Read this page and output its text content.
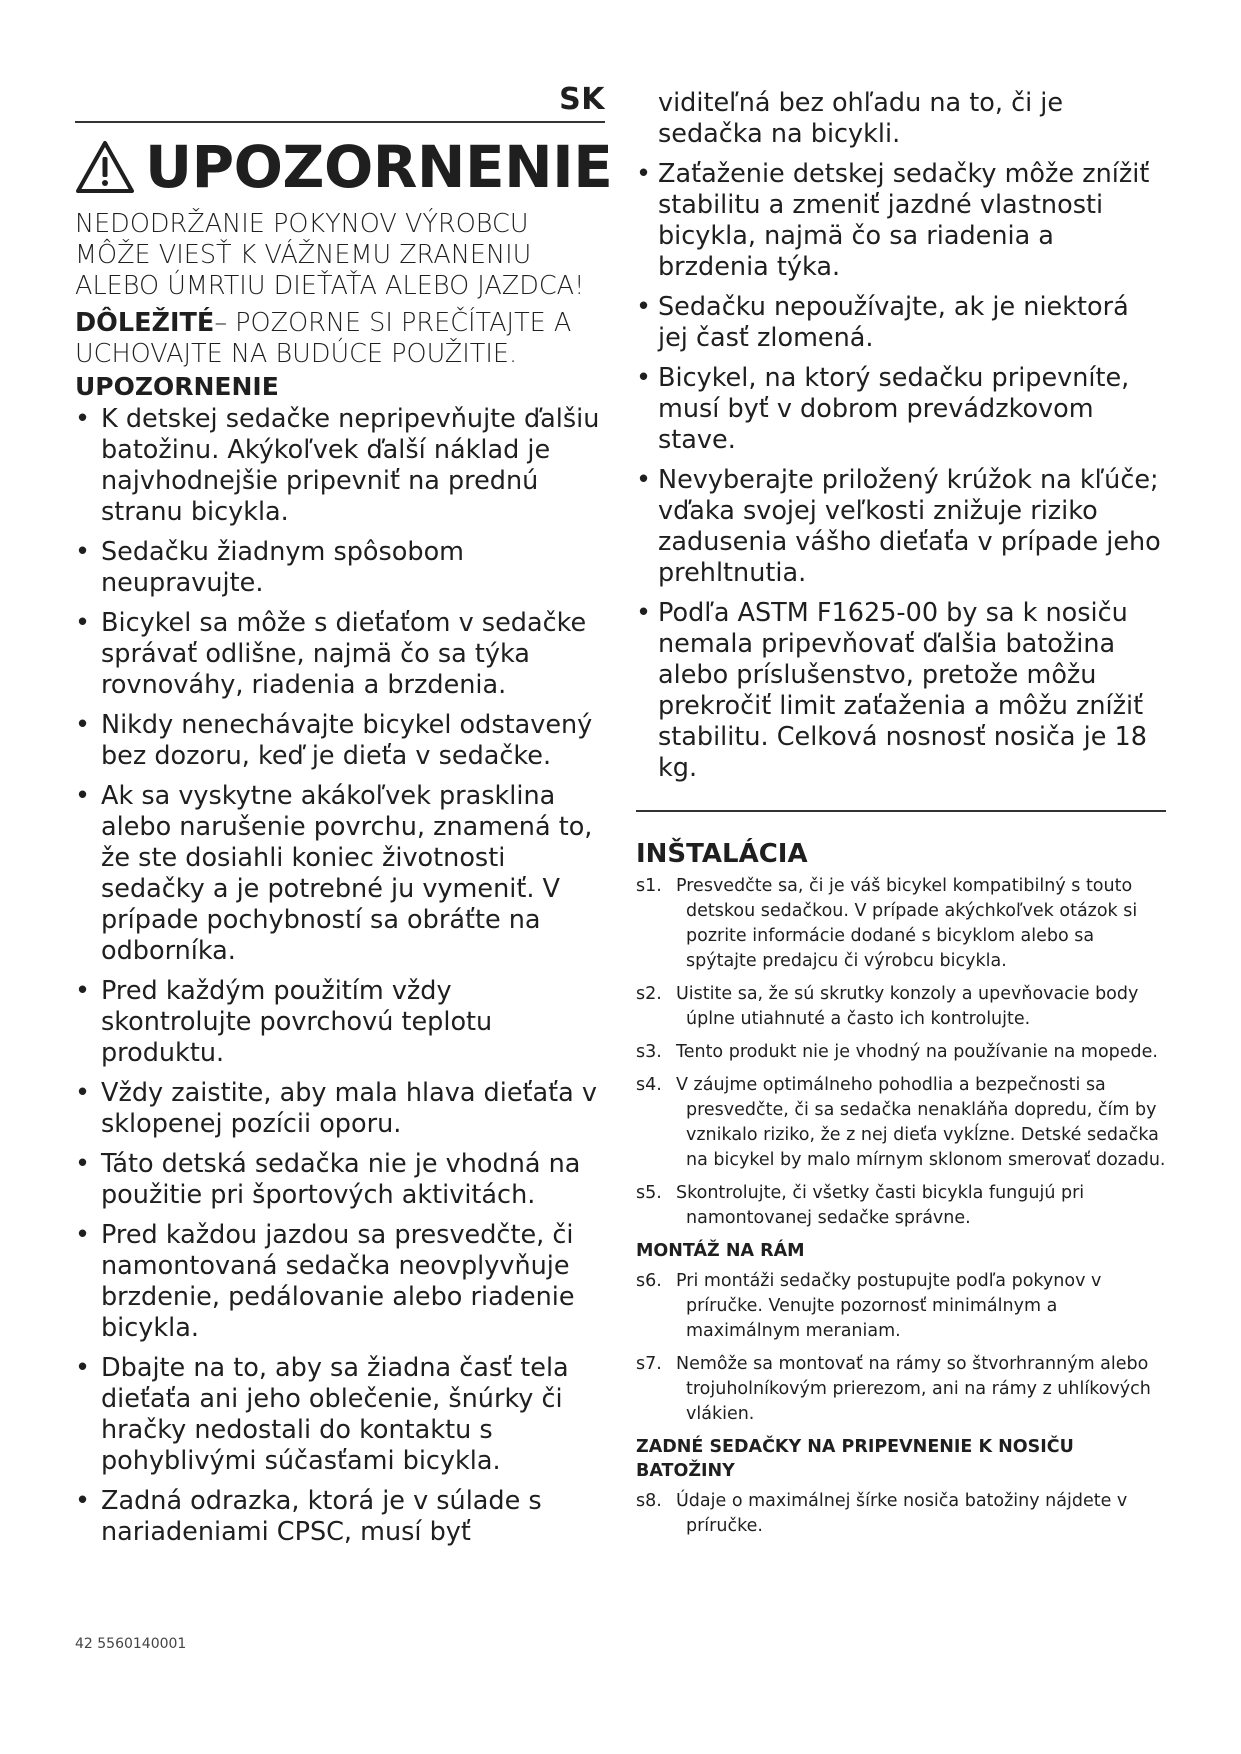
SK
UPOZORNENIE
NEDODRŽANIE POKYNOV VÝROBCU MÔŽE VIESŤ K VÁŽNEMU ZRANENIU ALEBO ÚMRTIU DIEŤAŤA ALEBO JAZDCA!
DÔLEŽITÉ– POZORNE SI PREČÍTAJTE A UCHOVAJTE NA BUDÚCE POUŽITIE.
UPOZORNENIE
• K detskej sedačke nepripevňujte ďalšiu batožinu. Akýkoľvek ďalší náklad je najvhodnejšie pripevniť na prednú stranu bicykla.
• Sedačku žiadnym spôsobom neupravujte.
• Bicykel sa môže s dieťaťom v sedačke správať odlišne, najmä čo sa týka rovnováhy, riadenia a brzdenia.
• Nikdy nenechávajte bicykel odstavený bez dozoru, keď je dieťa v sedačke.
• Ak sa vyskytne akákoľvek prasklina alebo narušenie povrchu, znamená to, že ste dosiahli koniec životnosti sedačky a je potrebné ju vymeniť. V prípade pochybností sa obráťte na odborníka.
• Pred každým použitím vždy skontrolujte povrchovú teplotu produktu.
• Vždy zaistite, aby mala hlava dieťaťa v sklopenej pozícii oporu.
• Táto detská sedačka nie je vhodná na použitie pri športových aktivitách.
• Pred každou jazdou sa presvedčte, či namontovaná sedačka neovplyvňuje brzdenie, pedálovanie alebo riadenie bicykla.
• Dbajte na to, aby sa žiadna časť tela dieťaťa ani jeho oblečenie, šnúrky či hračky nedostali do kontaktu s pohyblivými súčasťami bicykla.
• Zadná odrazka, ktorá je v súlade s nariadeniami CPSC, musí byť
viditeľná bez ohľadu na to, či je sedačka na bicykli.
• Zaťaženie detskej sedačky môže znížiť stabilitu a zmeniť jazdné vlastnosti bicykla, najmä čo sa riadenia a brzdenia týka.
• Sedačku nepoužívajte, ak je niektorá jej časť zlomená.
• Bicykel, na ktorý sedačku pripevníte, musí byť v dobrom prevádzkovom stave.
• Nevyberajte priložený krúžok na kľúče; vďaka svojej veľkosti znižuje riziko zadusenia vášho dieťaťa v prípade jeho prehltnutia.
• Podľa ASTM F1625-00 by sa k nosiču nemala pripevňovať ďalšia batožina alebo príslušenstvo, pretože môžu prekročiť limit zaťaženia a môžu znížiť stabilitu. Celková nosnosť nosiča je 18 kg.
INŠTALÁCIA
s1. Presvedčte sa, či je váš bicykel kompatibilný s touto detskou sedačkou. V prípade akýchkoľvek otázok si pozrite informácie dodané s bicyklom alebo sa spýtajte predajcu či výrobcu bicykla.
s2. Uistite sa, že sú skrutky konzoly a upevňovacie body úplne utiahnuté a často ich kontrolujte.
s3. Tento produkt nie je vhodný na používanie na mopede.
s4. V záujme optimálneho pohodlia a bezpečnosti sa presvedčte, či sa sedačka nenakláňa dopredu, čím by vznikalo riziko, že z nej dieťa vykĺzne. Detské sedačka na bicykel by malo mírnym sklonom smerovať dozadu.
s5. Skontrolujte, či všetky časti bicykla fungujú pri namontovanej sedačke správne.
MONTÁŽ NA RÁM
s6. Pri montáži sedačky postupujte podľa pokynov v príručke. Venujte pozornosť minimálnym a maximálnym meraniam.
s7. Nemôže sa montovať na rámy so štvorhranným alebo trojuholníkovým prierezom, ani na rámy z uhlíkových vlákien.
ZADNÉ SEDAČKY NA PRIPEVNENIE K NOSIČU BATOŽINY
s8. Údaje o maximálnej šírke nosiča batožiny nájdete v príručke.
42 5560140001
